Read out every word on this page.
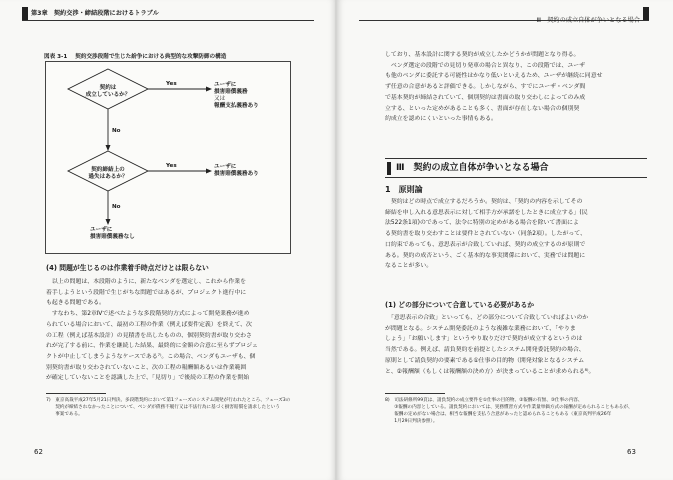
$^{第3章 契約交渉・締結段階におけるトラブル}$
図表 3-1 契約交渉段階で生じた紛争における典型的な攻撃防御の構造
契約は
成立しているか？
契約締結上の
過失はあるか？
Yes
Yes
No
No
ユーザに
損害賠償義務
又は
報酬支払義務あり
ユーザに
損害賠償義務あり
ユーザに
損害賠償義務なし
(4) 問題が生じるのは作業着手時点だけとは限らない
　以上の問題は、本段階のように、新たなベンダを選定し、これから作業を
着手しようという段階で生じがちな問題ではあるが、プロジェクト進行中に
も起きる問題である。
　すなわち、第2章Ⅳで述べたような多段階契約方式によって開発業務が進め
られている場合において、最初の工程の作業（例えば要件定義）を終えて、次
の工程（例えば基本設計）の見積書を出したものの、個別契約書が取り交わさ
れが完了する前に、作業を継続した結果、最終的に金額の合意に至らずプロジェ
クトが中止してしまうようなケースである⁷⁾。この場合、ベンダもユーザも、個
別契約書が取り交わされていないこと、次の工程の報酬額あるいは作業範囲
が確定していないことを認識した上で、「見切り」で後続の工程の作業を開始
7)　東京高裁平成27年5月21日判決、多段階契約において第1フェーズのシステム開発が行われたところ、フェーズ3の
　　契約が締結されなかったことについて、ベンダが債務不履行又は不法行為に基づく損害賠償を請求したという
　　事案である。
62
Ⅲ　契約の成立自体が争いとなる場合
しており、基本設計に関する契約が成立したかどうかが問題となり得る。
　ベンダ選定の段階での見切り発車の場合と異なり、この段階では、ユーザ
も他のベンダに委託する可能性はかなり低いといえるため、ユーザが継続に同意せ
ず任意の合意があると評価できる。しかしながら、すでにユーザ・ベンダ間
で基本契約が締結されていて、個別契約は書面の取り交わしによってのみ成
立する、といった定めがあることも多く、書面が存在しない場合の個別契
約成立を認めにくいといった事情もある。
Ⅲ　契約の成立自体が争いとなる場合
1　原則論
　契約はどの時点で成立するだろうか。契約は、「契約の内容を示してその
締結を申し入れる意思表示に対して相手方が承諾をしたときに成立する」(民
法522条1項)のであって、法令に特別の定めがある場合を除いて書面によ
る契約書を取り交わすことは要件とされていない（同条2項）。したがって、
口約束であっても、意思表示が合致していれば、契約の成立するのが原則で
ある。契約の成否という、ごく基本的な事実関係において、実務では問題に
なることが多い。
(1) どの部分について合意している必要があるか
　「意思表示の合致」といっても、どの部分について合致していればよいのか
が問題となる。システム開発委託のような複雑な業務において、「やりま
しょう」「お願いします」というやり取りだけで契約が成立するというのは
当然である。例えば、請負契約を前提としたシステム開発委託契約の場合、
原則として請負契約の要素である①仕事の目的物（開発対象となるシステム
と、②報酬額（もしくは報酬額の決め方）が決まっていることが求められる⁸⁾。
8)　司法研修所99頁は、請負契約の成立要件を①仕事の目的物、②報酬の有無、③仕事の内容、
　　③報酬の内容としている。請負契約においては、実務慣習方式や作業量単価方式の報酬が定められることもあるが、
　　報酬の定めがない場合は、相当な報酬を支払う合意があったと認められることもある（東京高判平成26年
　　1月29日判決参照）。
63
